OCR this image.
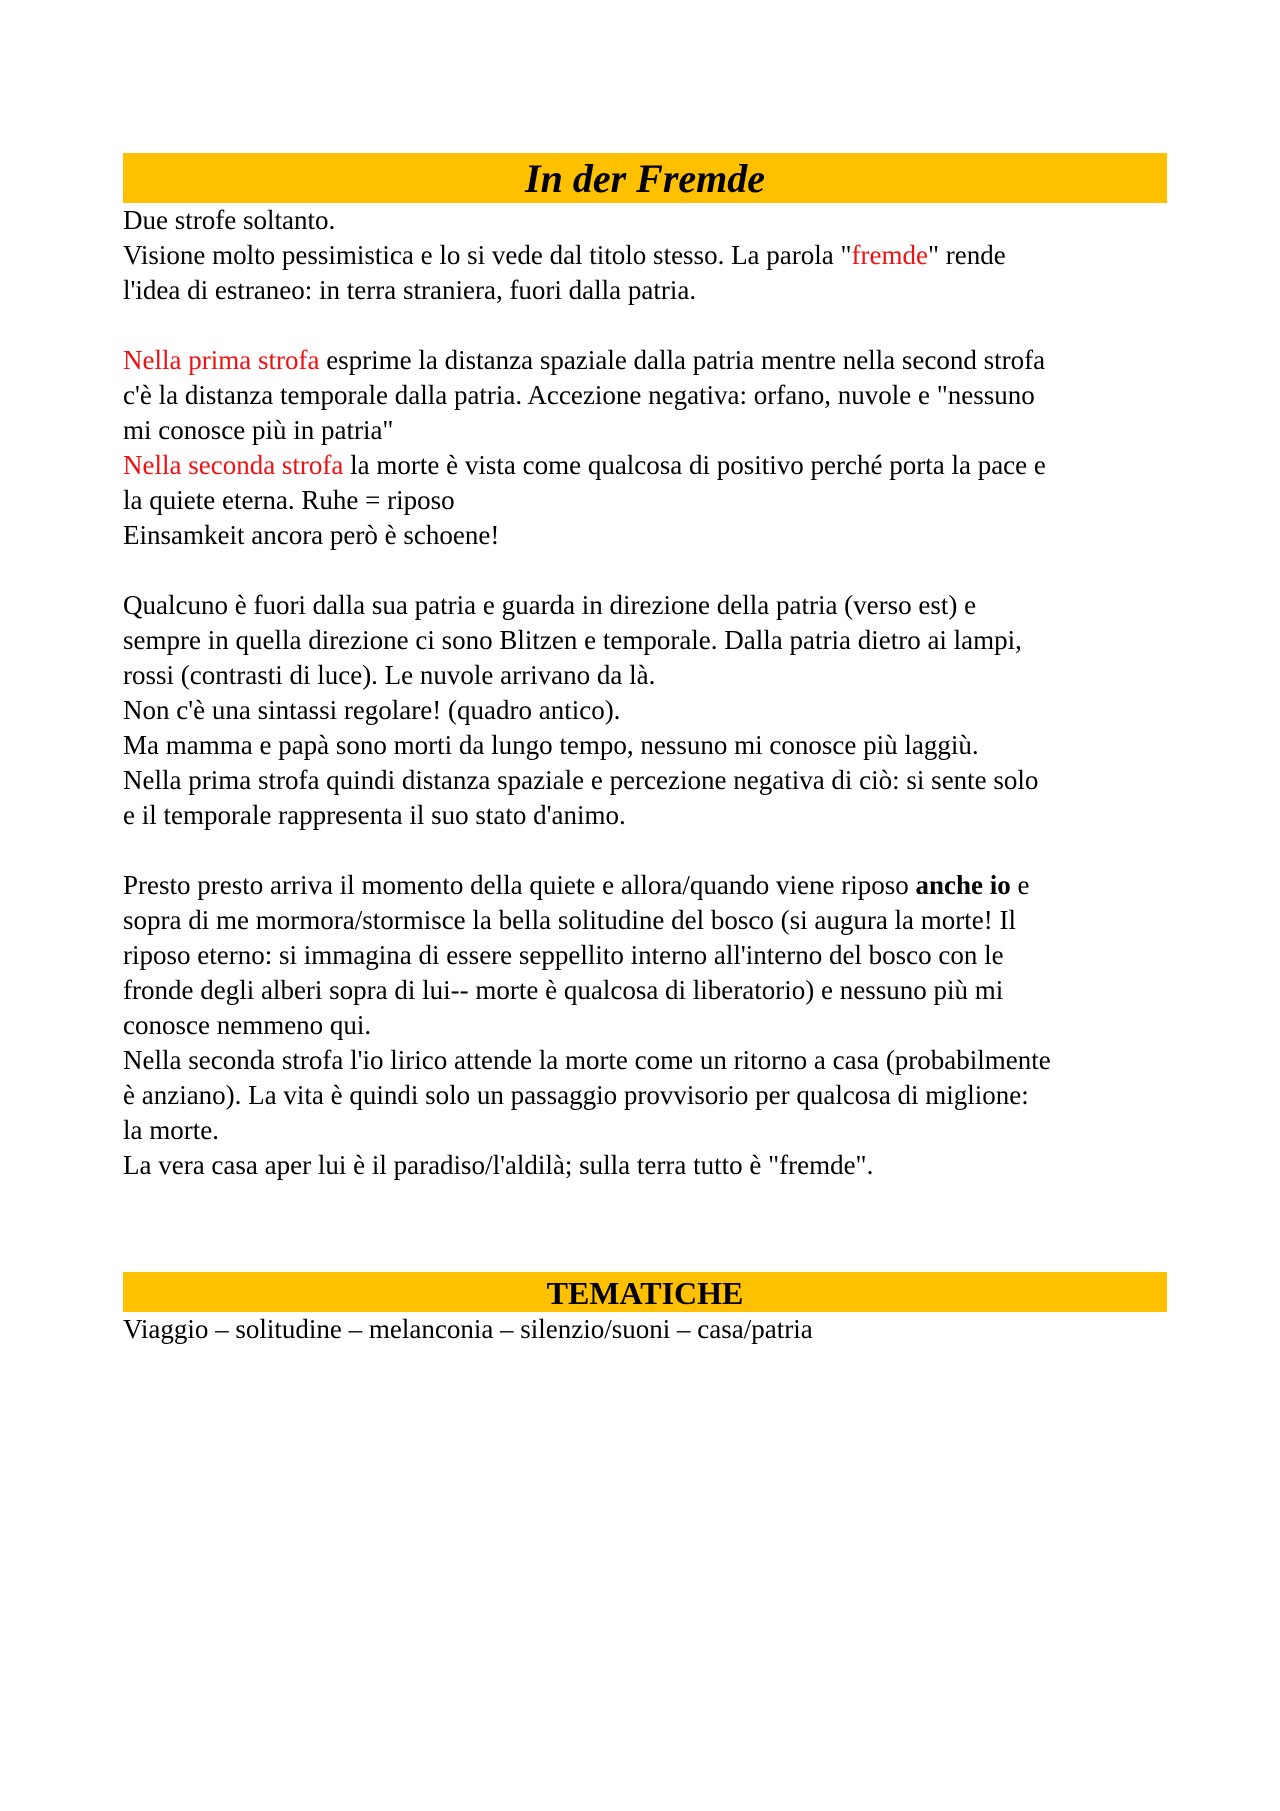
In der Fremde
Due strofe soltanto.
Visione molto pessimistica e lo si vede dal titolo stesso. La parola "fremde" rende
l'idea di estraneo: in terra straniera, fuori dalla patria.
Nella prima strofa esprime la distanza spaziale dalla patria mentre nella second strofa
c'è la distanza temporale dalla patria. Accezione negativa: orfano, nuvole e "nessuno
mi conosce più in patria"
Nella seconda strofa la morte è vista come qualcosa di positivo perché porta la pace e
la quiete eterna. Ruhe = riposo
Einsamkeit ancora però è schoene!
Qualcuno è fuori dalla sua patria e guarda in direzione della patria (verso est) e
sempre in quella direzione ci sono Blitzen e temporale. Dalla patria dietro ai lampi,
rossi (contrasti di luce). Le nuvole arrivano da là.
Non c'è una sintassi regolare! (quadro antico).
Ma mamma e papà sono morti da lungo tempo, nessuno mi conosce più laggiù.
Nella prima strofa quindi distanza spaziale e percezione negativa di ciò: si sente solo
e il temporale rappresenta il suo stato d'animo.
Presto presto arriva il momento della quiete e allora/quando viene riposo anche io e
sopra di me mormora/stormisce la bella solitudine del bosco (si augura la morte! Il
riposo eterno: si immagina di essere seppellito interno all'interno del bosco con le
fronde degli alberi sopra di lui-- morte è qualcosa di liberatorio) e nessuno più mi
conosce nemmeno qui.
Nella seconda strofa l'io lirico attende la morte come un ritorno a casa (probabilmente
è anziano). La vita è quindi solo un passaggio provvisorio per qualcosa di miglione:
la morte.
La vera casa aper lui è il paradiso/l'aldilà; sulla terra tutto è "fremde".
TEMATICHE
Viaggio – solitudine – melanconia – silenzio/suoni – casa/patria
